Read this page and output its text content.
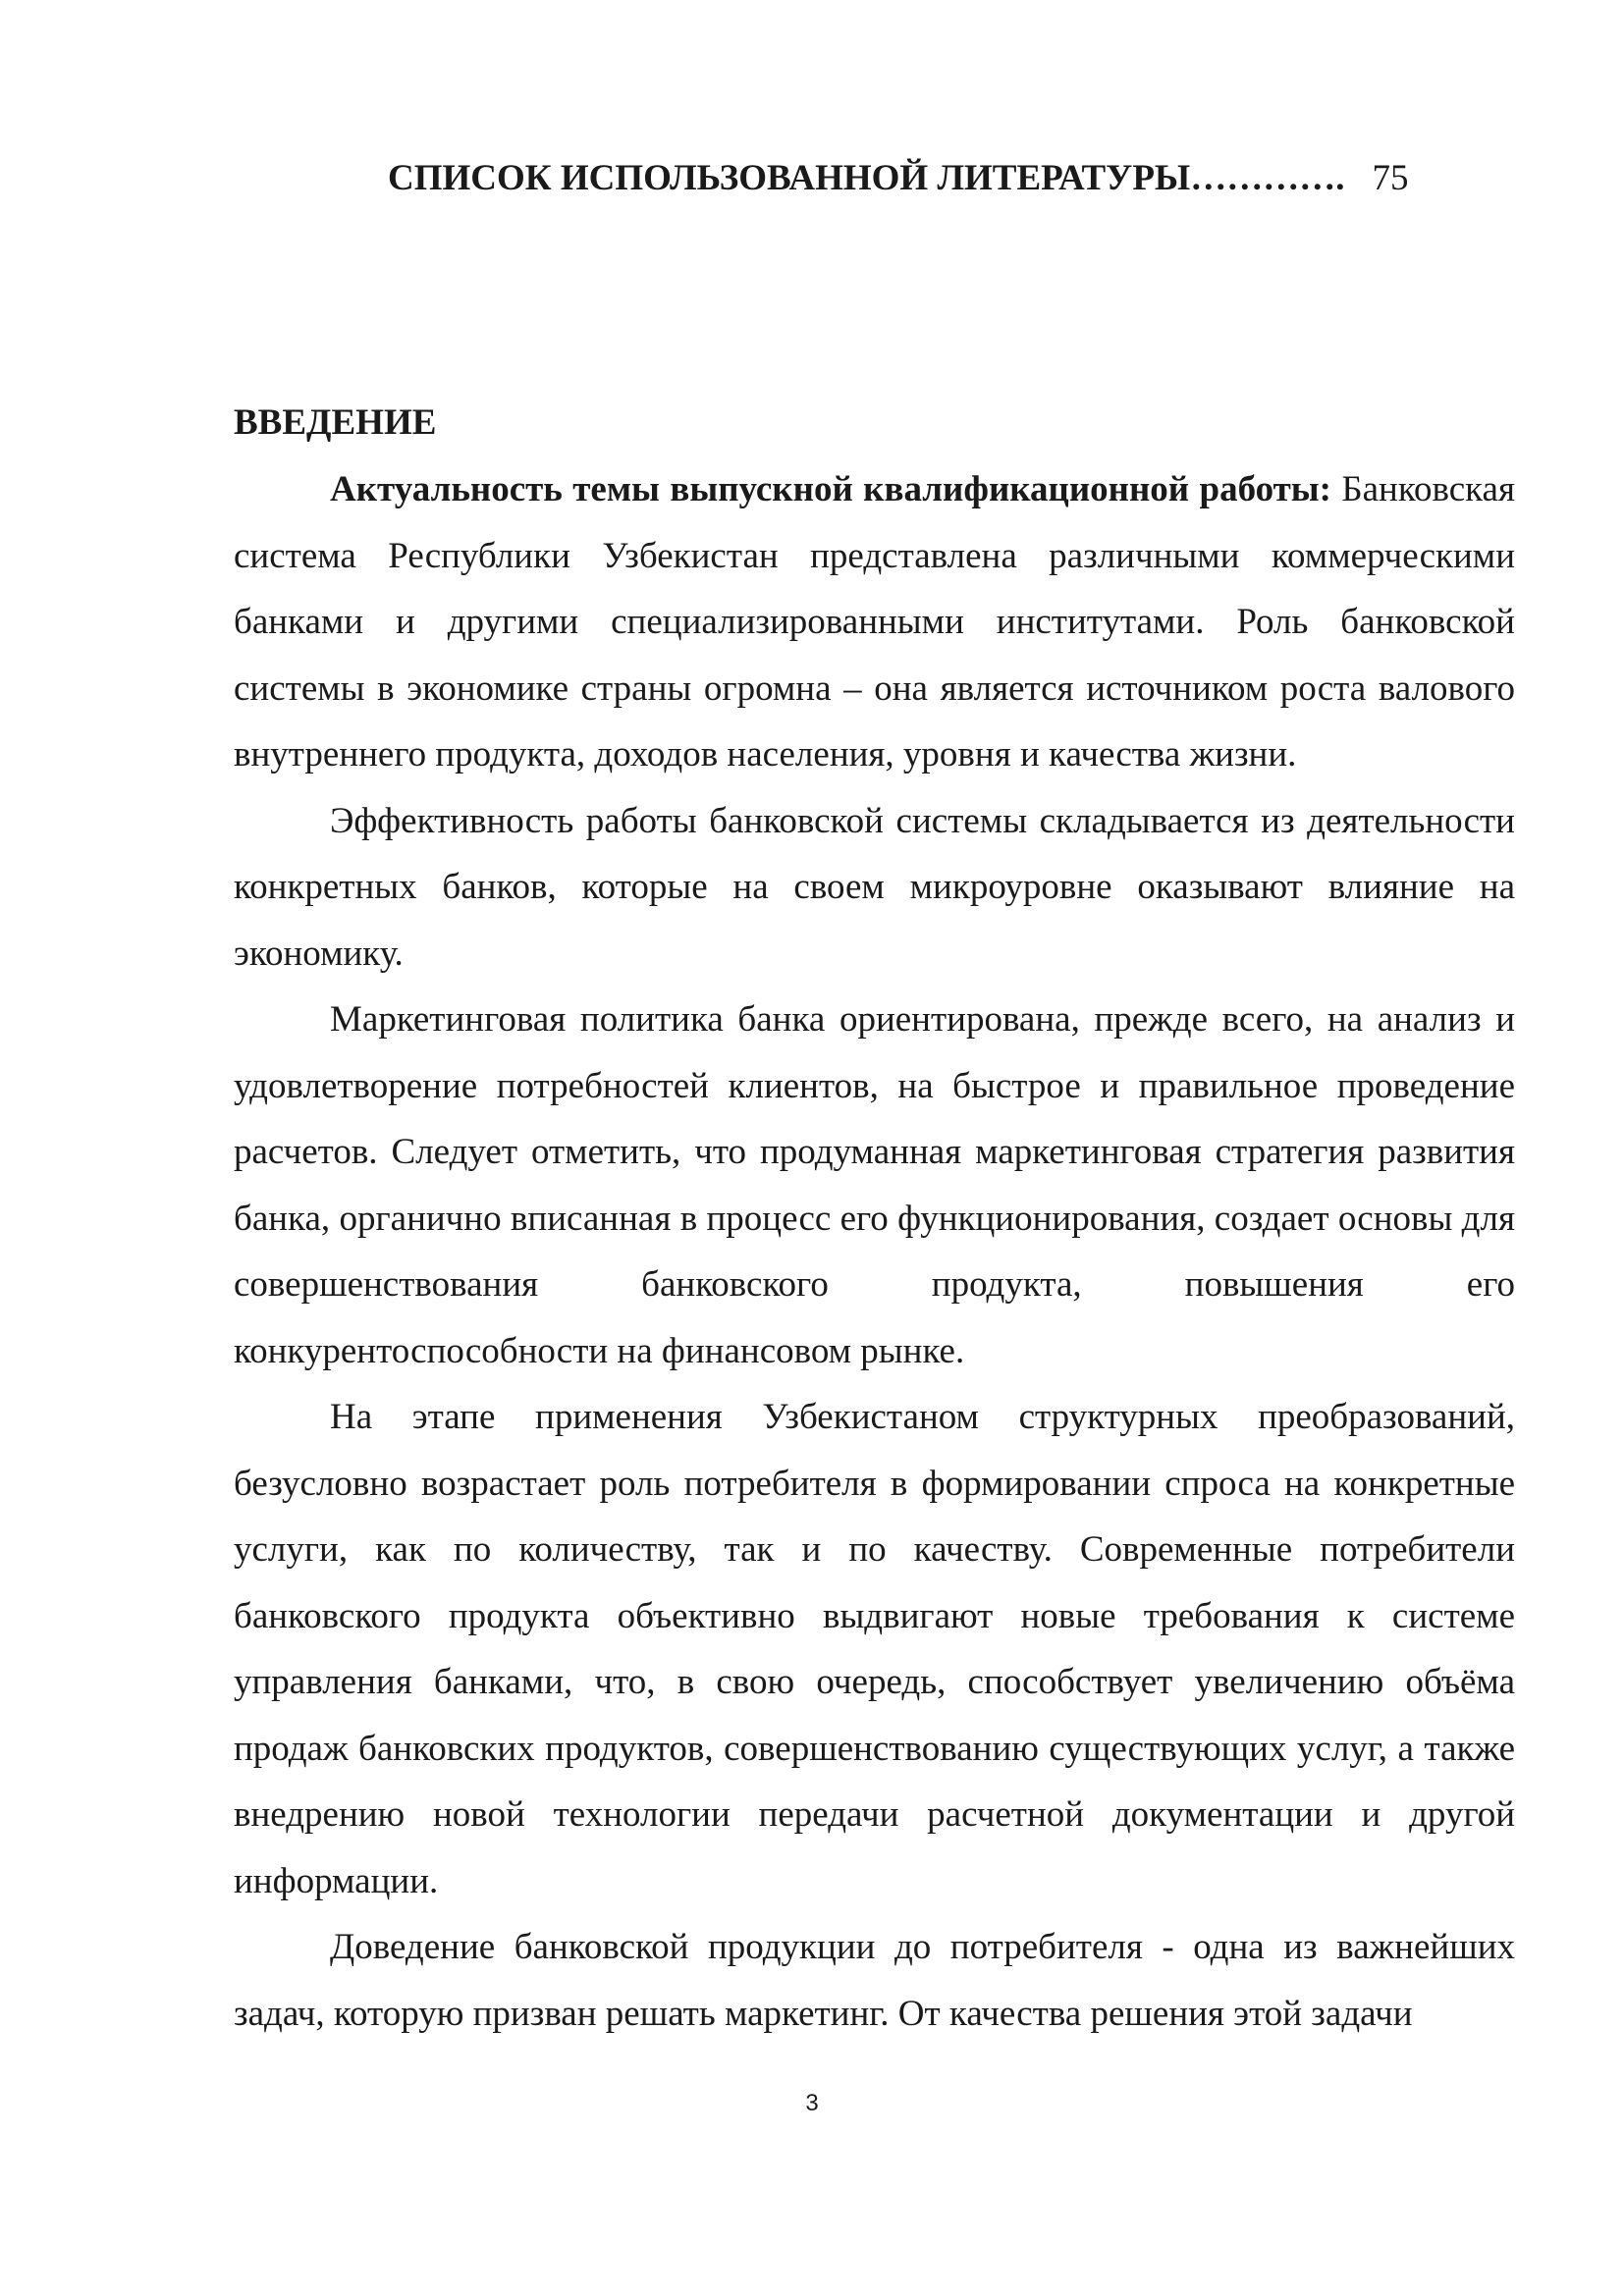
СПИСОК ИСПОЛЬЗОВАННОЙ ЛИТЕРАТУРЫ…………. 75
ВВЕДЕНИЕ

Актуальность темы выпускной квалификационной работы: Банковская система Республики Узбекистан представлена различными коммерческими банками и другими специализированными институтами. Роль банковской системы в экономике страны огромна – она является источником роста валового внутреннего продукта, доходов населения, уровня и качества жизни.

Эффективность работы банковской системы складывается из деятельности конкретных банков, которые на своем микроуровне оказывают влияние на экономику.

Маркетинговая политика банка ориентирована, прежде всего, на анализ и удовлетворение потребностей клиентов, на быстрое и правильное проведение расчетов. Следует отметить, что продуманная маркетинговая стратегия развития банка, органично вписанная в процесс его функционирования, создает основы для совершенствования банковского продукта, повышения его конкурентоспособности на финансовом рынке.

На этапе применения Узбекистаном структурных преобразований, безусловно возрастает роль потребителя в формировании спроса на конкретные услуги, как по количеству, так и по качеству. Современные потребители банковского продукта объективно выдвигают новые требования к системе управления банками, что, в свою очередь, способствует увеличению объёма продаж банковских продуктов, совершенствованию существующих услуг, а также внедрению новой технологии передачи расчетной документации и другой информации.

Доведение банковской продукции до потребителя - одна из важнейших задач, которую призван решать маркетинг. От качества решения этой задачи

3
